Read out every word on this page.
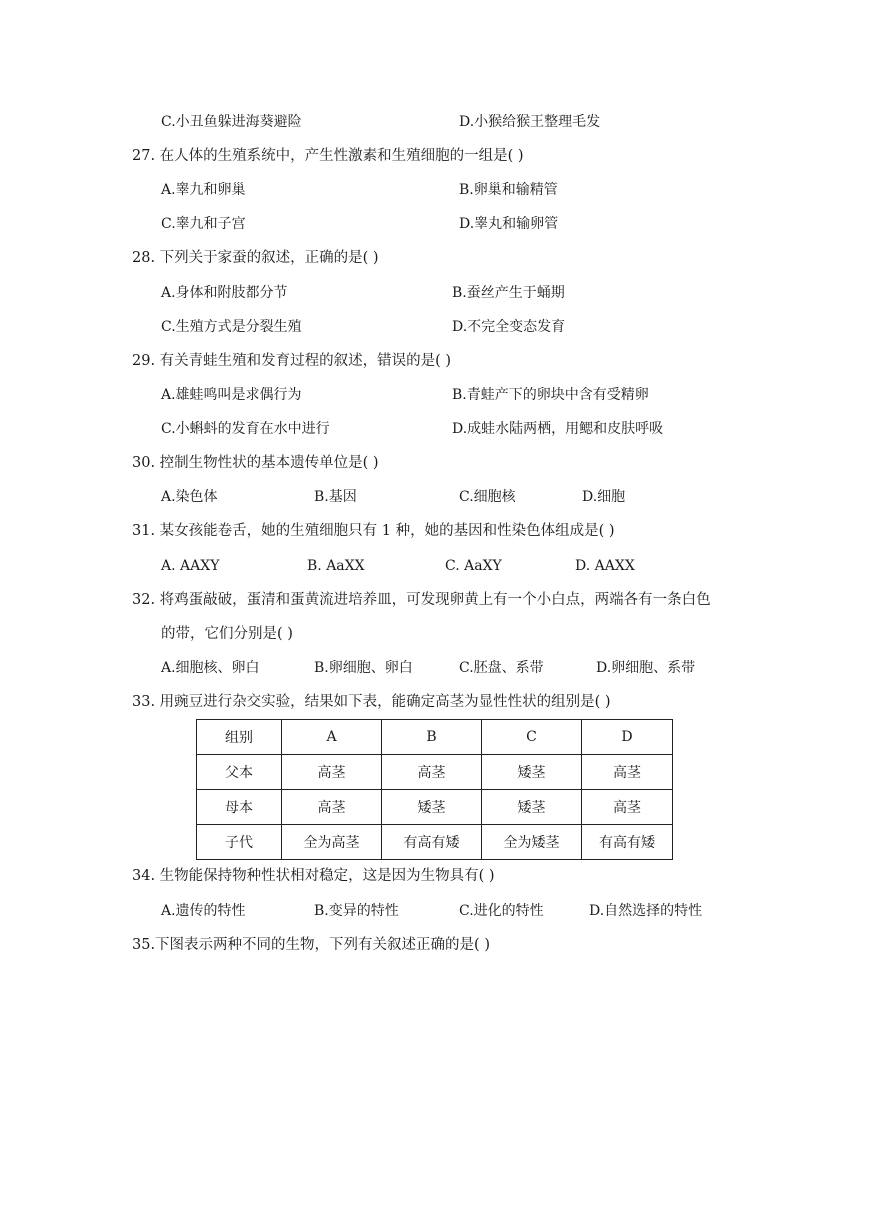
C.小丑鱼躲进海葵避险	D.小猴给猴王整理毛发
27. 在人体的生殖系统中，产生性激素和生殖细胞的一组是( )
A.睾九和卵巢	B.卵巢和输精管
C.睾九和子宫	D.睾丸和输卵管
28. 下列关于家蚕的叙述，正确的是( )
A.身体和附肢都分节	B.蚕丝产生于蛹期
C.生殖方式是分裂生殖	D.不完全变态发育
29. 有关青蛙生殖和发育过程的叙述，错误的是( )
A.雄蛙鸣叫是求偶行为	B.青蛙产下的卵块中含有受精卵
C.小蝌蚪的发育在水中进行	D.成蛙水陆两栖，用鳃和皮肤呼吸
30. 控制生物性状的基本遗传单位是( )
A.染色体	B.基因	C.细胞核	D.细胞
31. 某女孩能卷舌，她的生殖细胞只有 1 种，她的基因和性染色体组成是( )
A. AAXY	B. AaXX	C. AaXY	D. AAXX
32. 将鸡蛋敲破，蛋清和蛋黄流进培养皿，可发现卵黄上有一个小白点，两端各有一条白色
的带，它们分别是( )
A.细胞核、卵白	B.卵细胞、卵白	C.胚盘、系带	D.卵细胞、系带
33. 用豌豆进行杂交实验，结果如下表，能确定高茎为显性性状的组别是( )
组别	A	B	C	D
父本	高茎	高茎	矮茎	高茎
母本	高茎	矮茎	矮茎	高茎
子代	全为高茎	有高有矮	全为矮茎	有高有矮
34. 生物能保持物种性状相对稳定，这是因为生物具有( )
A.遗传的特性	B.变异的特性	C.进化的特性	D.自然选择的特性
35.下图表示两种不同的生物，下列有关叙述正确的是( )
